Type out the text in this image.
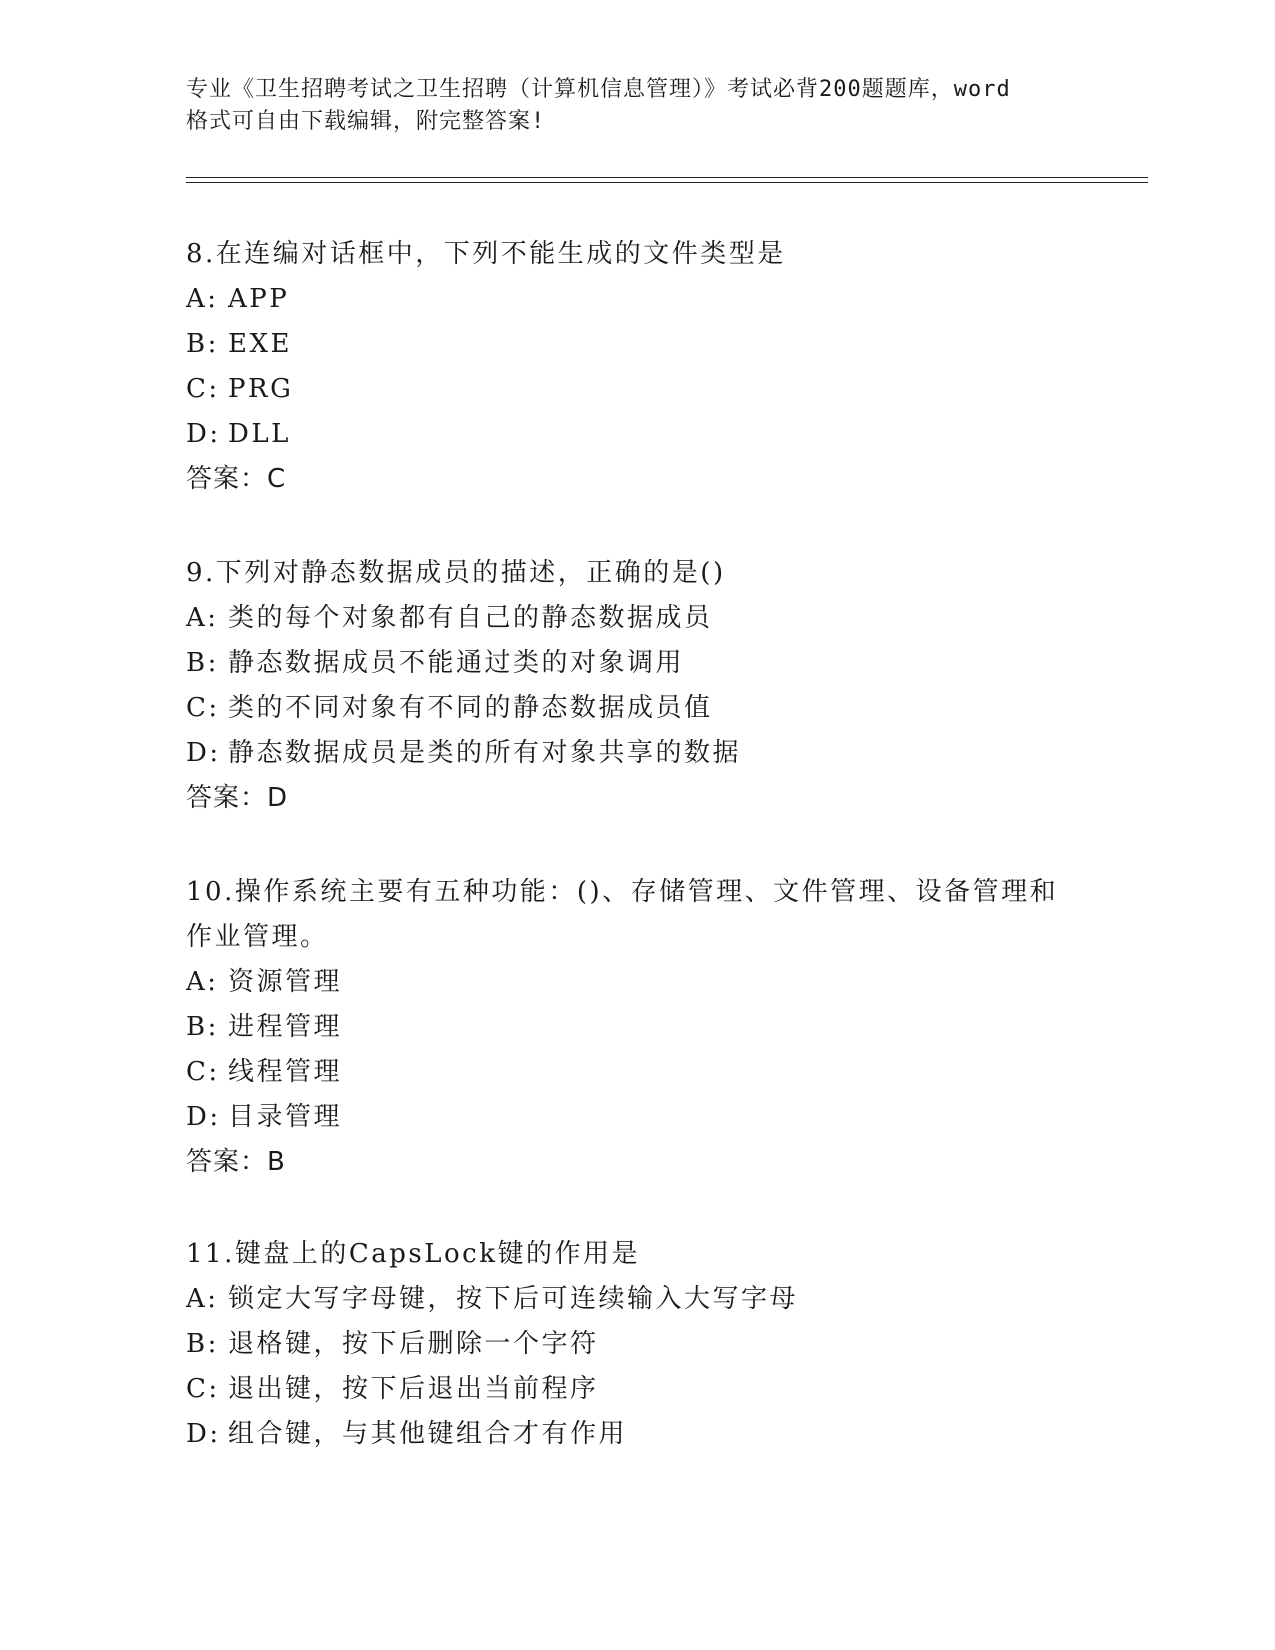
专业《卫生招聘考试之卫生招聘（计算机信息管理）》考试必背200题题库，word
格式可自由下载编辑，附完整答案!
8.在连编对话框中，下列不能生成的文件类型是
A: APP
B: EXE
C: PRG
D: DLL
答案：C
9.下列对静态数据成员的描述，正确的是()
A: 类的每个对象都有自己的静态数据成员
B: 静态数据成员不能通过类的对象调用
C: 类的不同对象有不同的静态数据成员值
D: 静态数据成员是类的所有对象共享的数据
答案：D
10.操作系统主要有五种功能：()、存储管理、文件管理、设备管理和
作业管理。
A: 资源管理
B: 进程管理
C: 线程管理
D: 目录管理
答案：B
11.键盘上的CapsLock键的作用是
A: 锁定大写字母键，按下后可连续输入大写字母
B: 退格键，按下后删除一个字符
C: 退出键，按下后退出当前程序
D: 组合键，与其他键组合才有作用
